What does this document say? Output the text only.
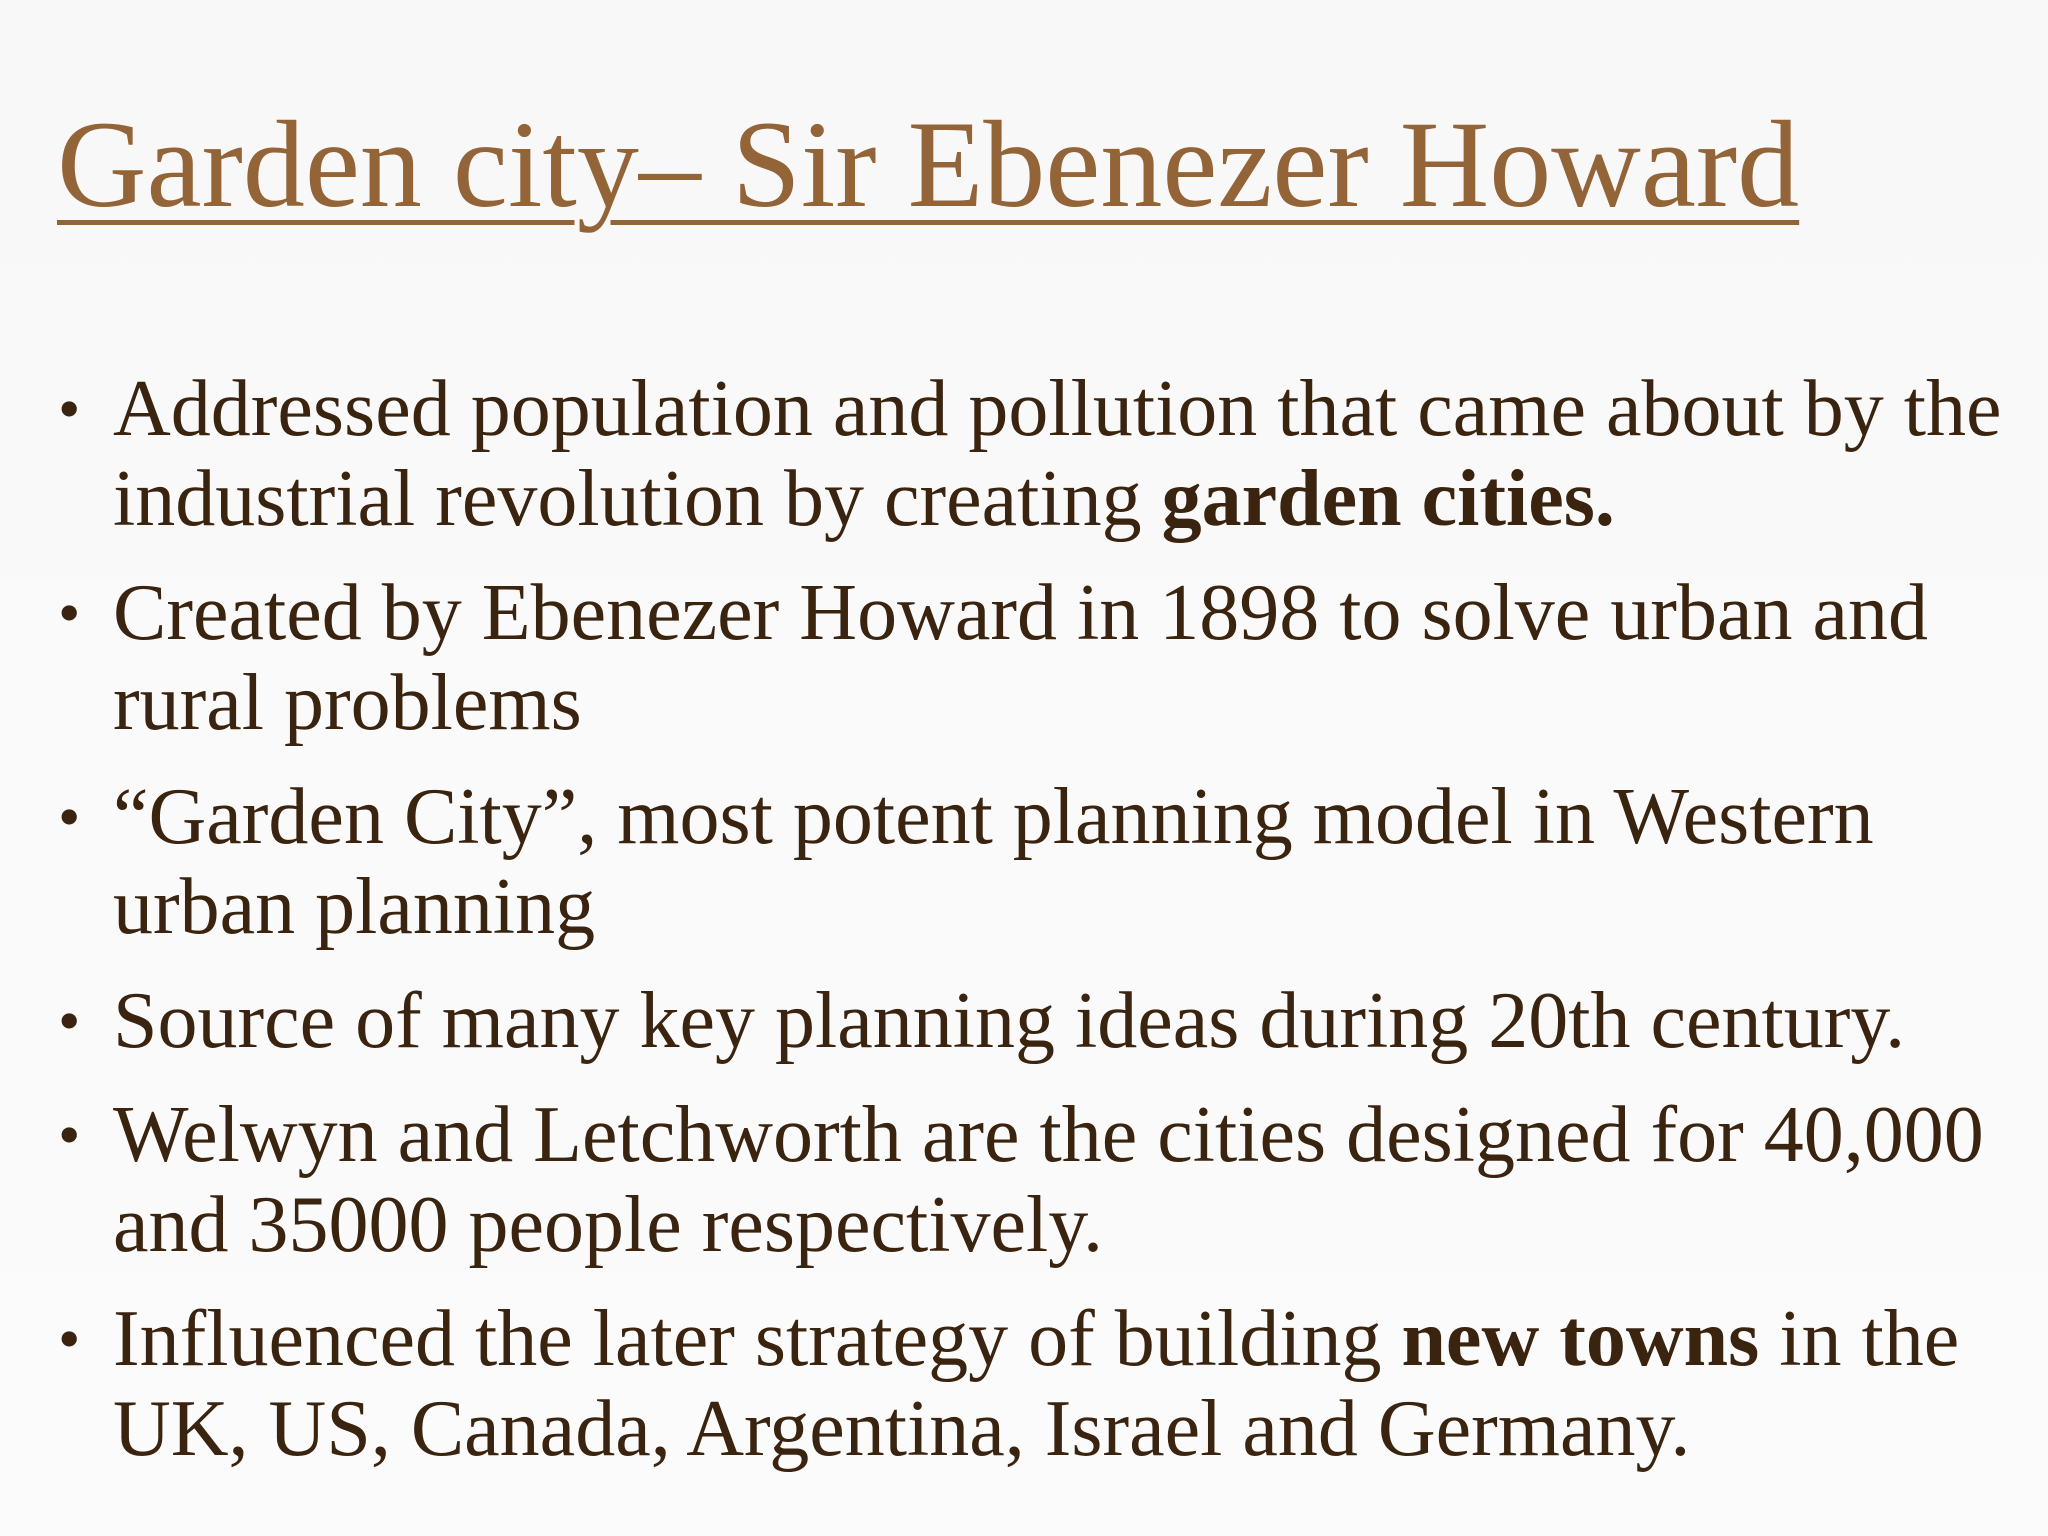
Garden city– Sir Ebenezer Howard
• Addressed population and pollution that came about by the industrial revolution by creating garden cities.
• Created by Ebenezer Howard in 1898 to solve urban and rural problems
• “Garden City”, most potent planning model in Western urban planning
• Source of many key planning ideas during 20th century.
• Welwyn and Letchworth are the cities designed for 40,000 and 35000 people respectively.
• Influenced the later strategy of building new towns in the UK, US, Canada, Argentina, Israel and Germany.
